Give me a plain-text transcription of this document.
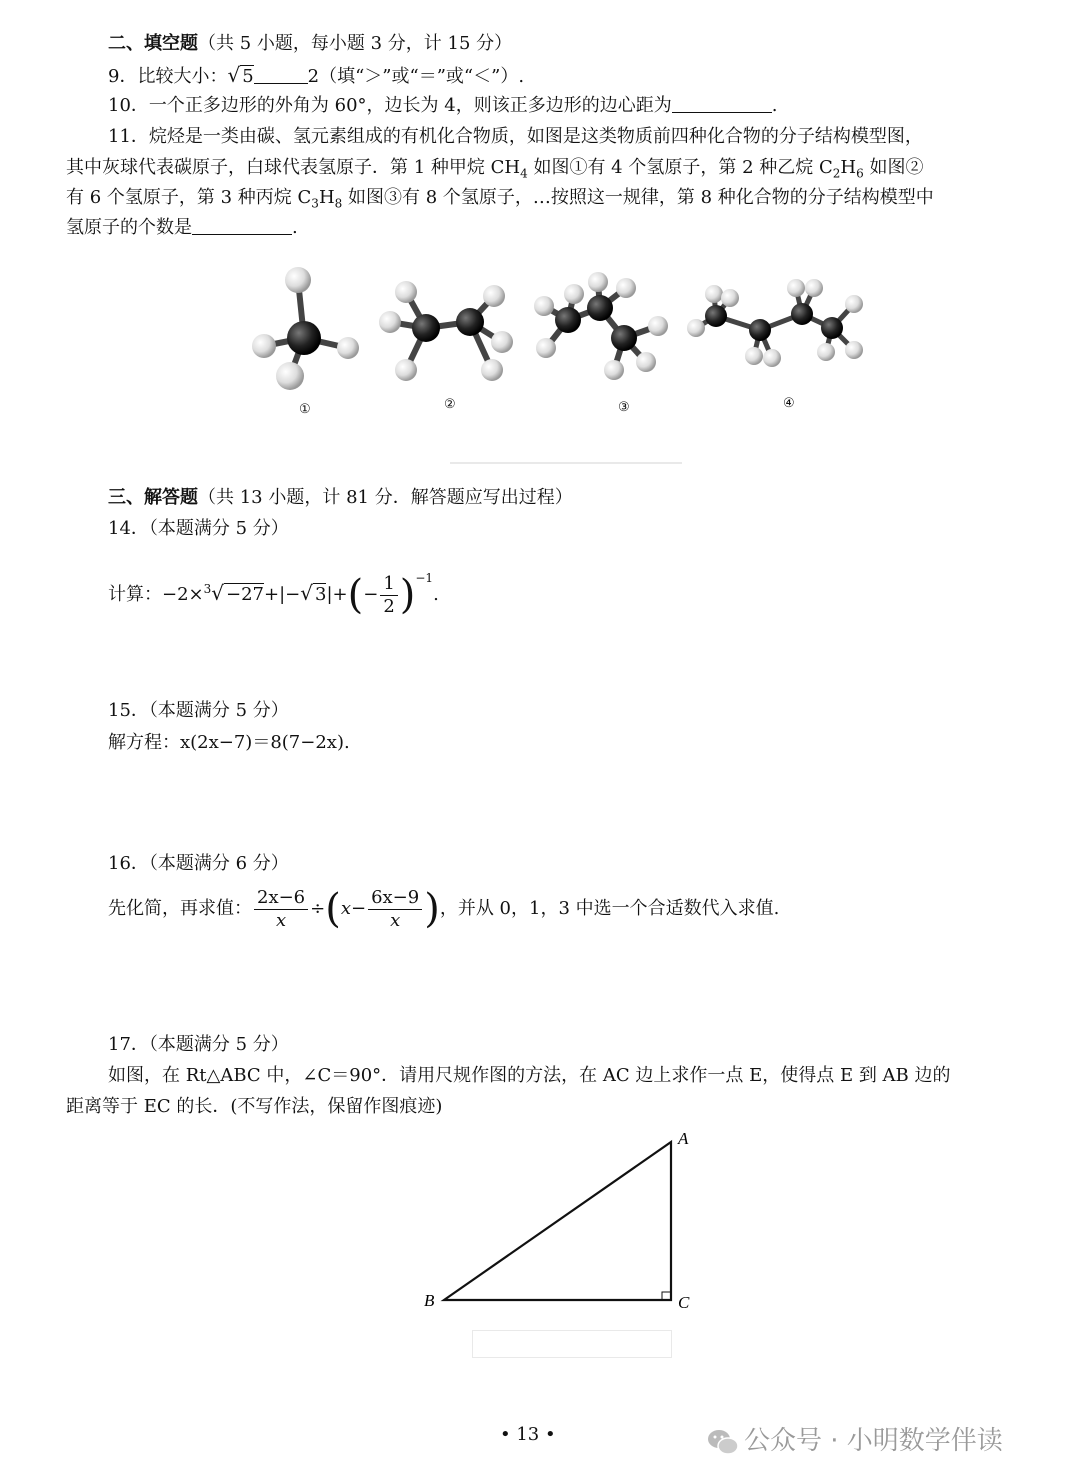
二、填空题（共 5 小题，每小题 3 分，计 15 分）
9．比较大小：√ 5	2（填“＞”或“＝”或“＜”）.
10．一个正多边形的外角为 60°，边长为 4，则该正多边形的边心距为	.
11．烷烃是一类由碳、氢元素组成的有机化合物质，如图是这类物质前四种化合物的分子结构模型图，
其中灰球代表碳原子，白球代表氢原子．第 1 种甲烷 $CH_4$ 如图①有 4 个氢原子，第 2 种乙烷 $C_2H_6$ 如图②
有 6 个氢原子，第 3 种丙烷 $C_3H_8$ 如图③有 8 个氢原子，…按照这一规律，第 8 种化合物的分子结构模型中
氢原子的个数是	.
①	②	③	④
三、解答题（共 13 小题，计 81 分．解答题应写出过程）
14．（本题满分 5 分）
计算：−2×$^3$√ −27+|−√ $3|+(- \frac{1}{2} )^{-1}$.
15．（本题满分 5 分）
解方程：x(2x−7)＝8(7−2x).
16．（本题满分 6 分）
先化简，再求值： $\frac{2x-6}{x} \div(x- \frac{6x-9}{x}$ )，并从 0，1，3 中选一个合适数代入求值.
17．（本题满分 5 分）
如图，在 Rt△ABC 中，∠C＝90°．请用尺规作图的方法，在 AC 边上求作一点 E，使得点 E 到 AB 边的
距离等于 EC 的长．(不写作法，保留作图痕迹)
A
B	C
• 13 •	公众号 · 小明数学伴读
